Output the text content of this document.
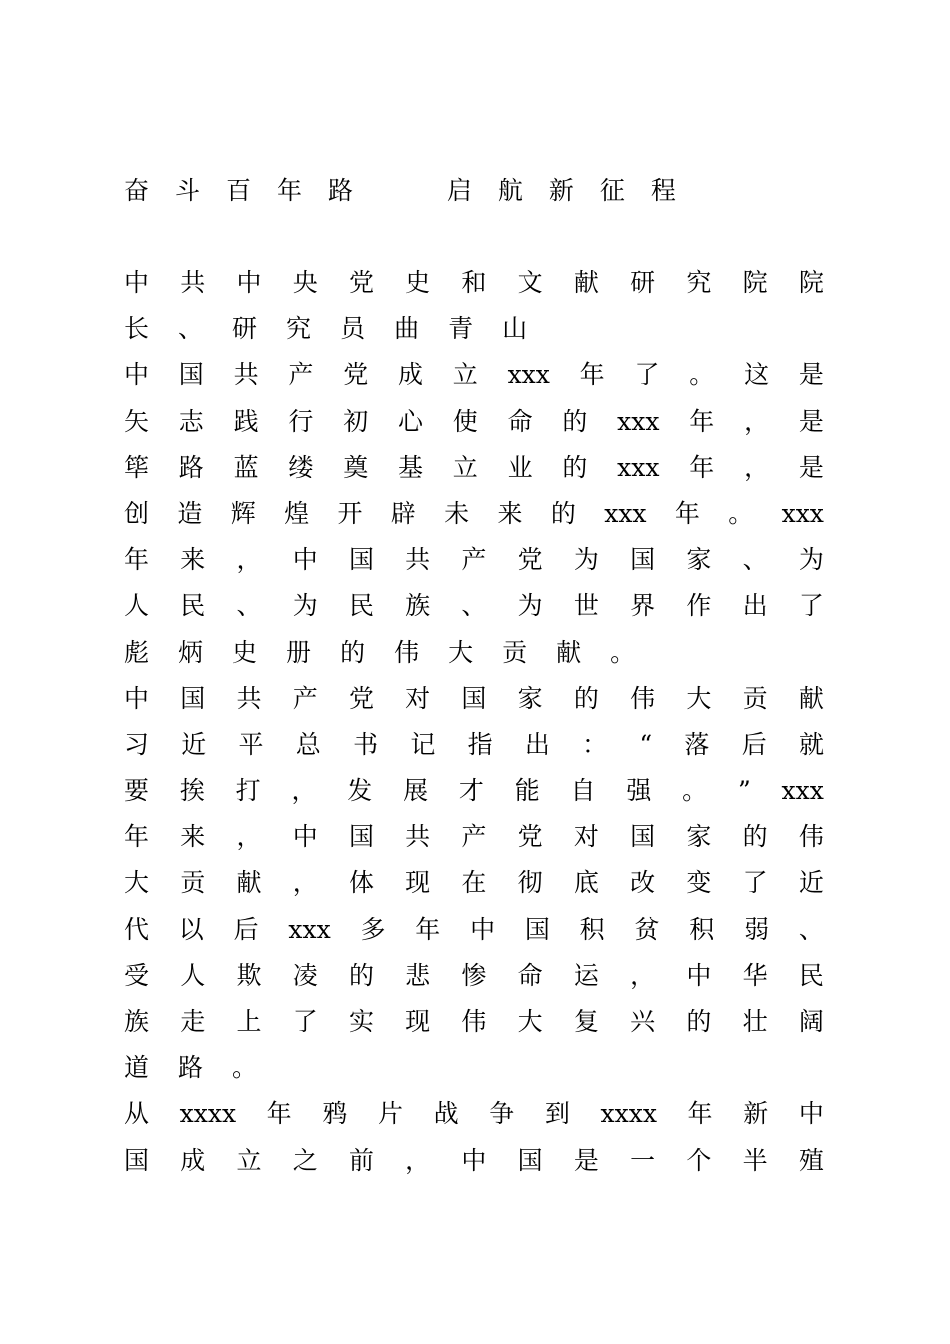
奋斗百年路  启航新征程
中 共 中 央 党 史 和 文 献 研 究 院 院
长 、 研 究 员 曲 青 山
中 国 共 产 党 成 立 xxx 年 了 。 这 是
矢 志 践 行 初 心 使 命 的 xxx 年 ， 是
筚 路 蓝 缕 奠 基 立 业 的 xxx 年 ， 是
创 造 辉 煌 开 辟 未 来 的 xxx 年 。 xxx
年 来 ， 中 国 共 产 党 为 国 家 、 为
人 民 、 为 民 族 、 为 世 界 作 出 了
彪 炳 史 册 的 伟 大 贡 献 。
中 国 共 产 党 对 国 家 的 伟 大 贡 献
习 近 平 总 书 记 指 出 ： “ 落 后 就
要 挨 打 ， 发 展 才 能 自 强 。 ” xxx
年 来 ， 中 国 共 产 党 对 国 家 的 伟
大 贡 献 ， 体 现 在 彻 底 改 变 了 近
代 以 后 xxx 多 年 中 国 积 贫 积 弱 、
受 人 欺 凌 的 悲 惨 命 运 ， 中 华 民
族 走 上 了 实 现 伟 大 复 兴 的 壮 阔
道 路 。
从 xxxx 年 鸦 片 战 争 到 xxxx 年 新 中
国 成 立 之 前 ， 中 国 是 一 个 半 殖
